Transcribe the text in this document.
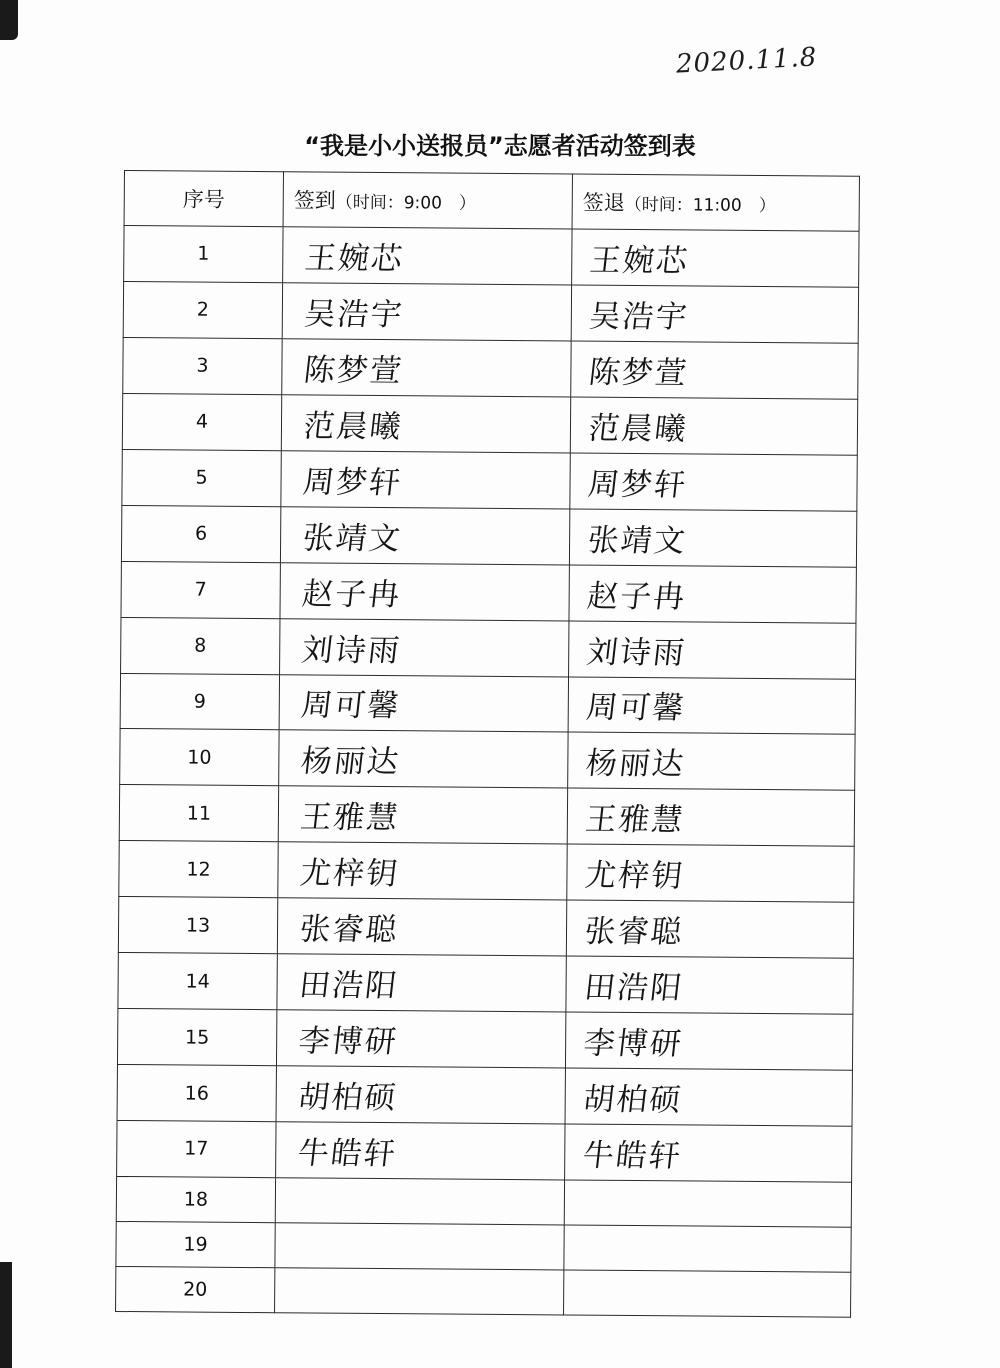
2020.11.8
“我是小小送报员”志愿者活动签到表
序号	签到（时间：9:00　）	签退（时间：11:00　）
1	王婉芯	王婉芯
2	吴浩宇	吴浩宇
3	陈梦萱	陈梦萱
4	范晨曦	范晨曦
5	周梦轩	周梦轩
6	张靖文	张靖文
7	赵子冉	赵子冉
8	刘诗雨	刘诗雨
9	周可馨	周可馨
10	杨丽达	杨丽达
11	王雅慧	王雅慧
12	尤梓钥	尤梓钥
13	张睿聪	张睿聪
14	田浩阳	田浩阳
15	李博研	李博研
16	胡柏硕	胡柏硕
17	牛皓轩	牛皓轩
18		
19		
20		
